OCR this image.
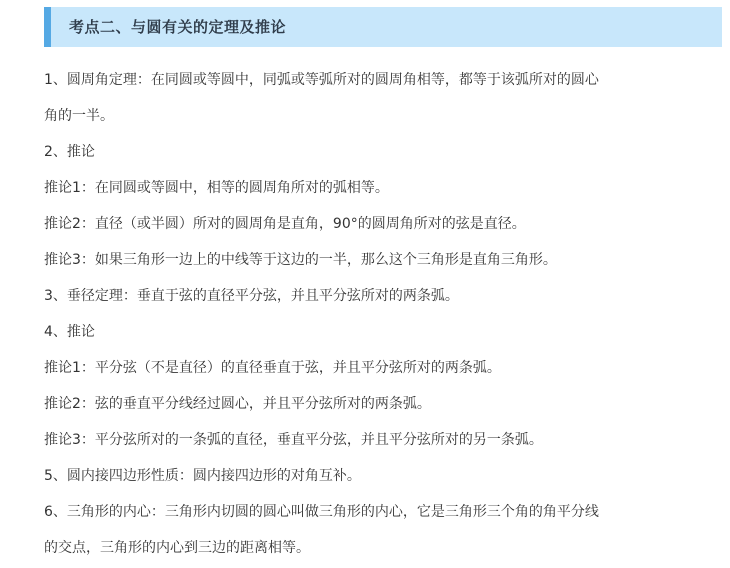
考点二、与圆有关的定理及推论

1、圆周角定理：在同圆或等圆中，同弧或等弧所对的圆周角相等，都等于该弧所对的圆心

角的一半。

2、推论

推论1：在同圆或等圆中，相等的圆周角所对的弧相等。

推论2：直径（或半圆）所对的圆周角是直角，90°的圆周角所对的弦是直径。

推论3：如果三角形一边上的中线等于这边的一半，那么这个三角形是直角三角形。

3、垂径定理：垂直于弦的直径平分弦，并且平分弦所对的两条弧。

4、推论

推论1：平分弦（不是直径）的直径垂直于弦，并且平分弦所对的两条弧。

推论2：弦的垂直平分线经过圆心，并且平分弦所对的两条弧。

推论3：平分弦所对的一条弧的直径，垂直平分弦，并且平分弦所对的另一条弧。

5、圆内接四边形性质：圆内接四边形的对角互补。

6、三角形的内心：三角形内切圆的圆心叫做三角形的内心，它是三角形三个角的角平分线

的交点，三角形的内心到三边的距离相等。
